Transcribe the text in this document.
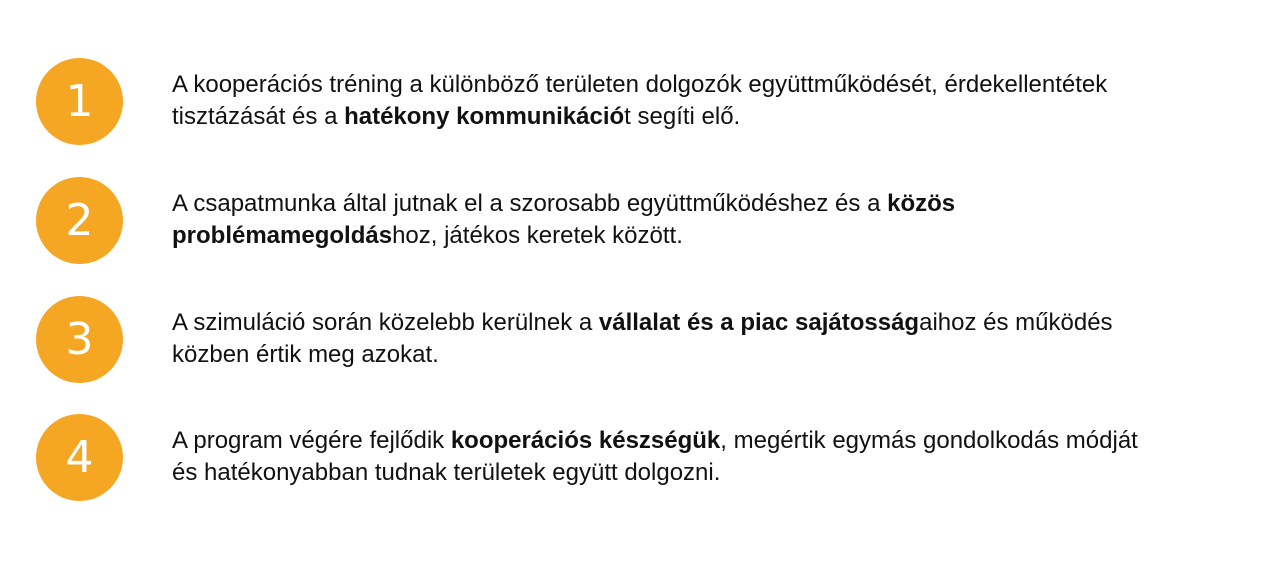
1	A kooperációs tréning a különböző területen dolgozók együttműködését, érdekellentétek
tisztázását és a hatékony kommunikációt segíti elő.
2	A csapatmunka által jutnak el a szorosabb együttműködéshez és a közös
problémamegoldáshoz, játékos keretek között.
3	A szimuláció során közelebb kerülnek a vállalat és a piac sajátosságaihoz és működés
közben értik meg azokat.
4	A program végére fejlődik kooperációs készségük, megértik egymás gondolkodás módját
és hatékonyabban tudnak területek együtt dolgozni.
